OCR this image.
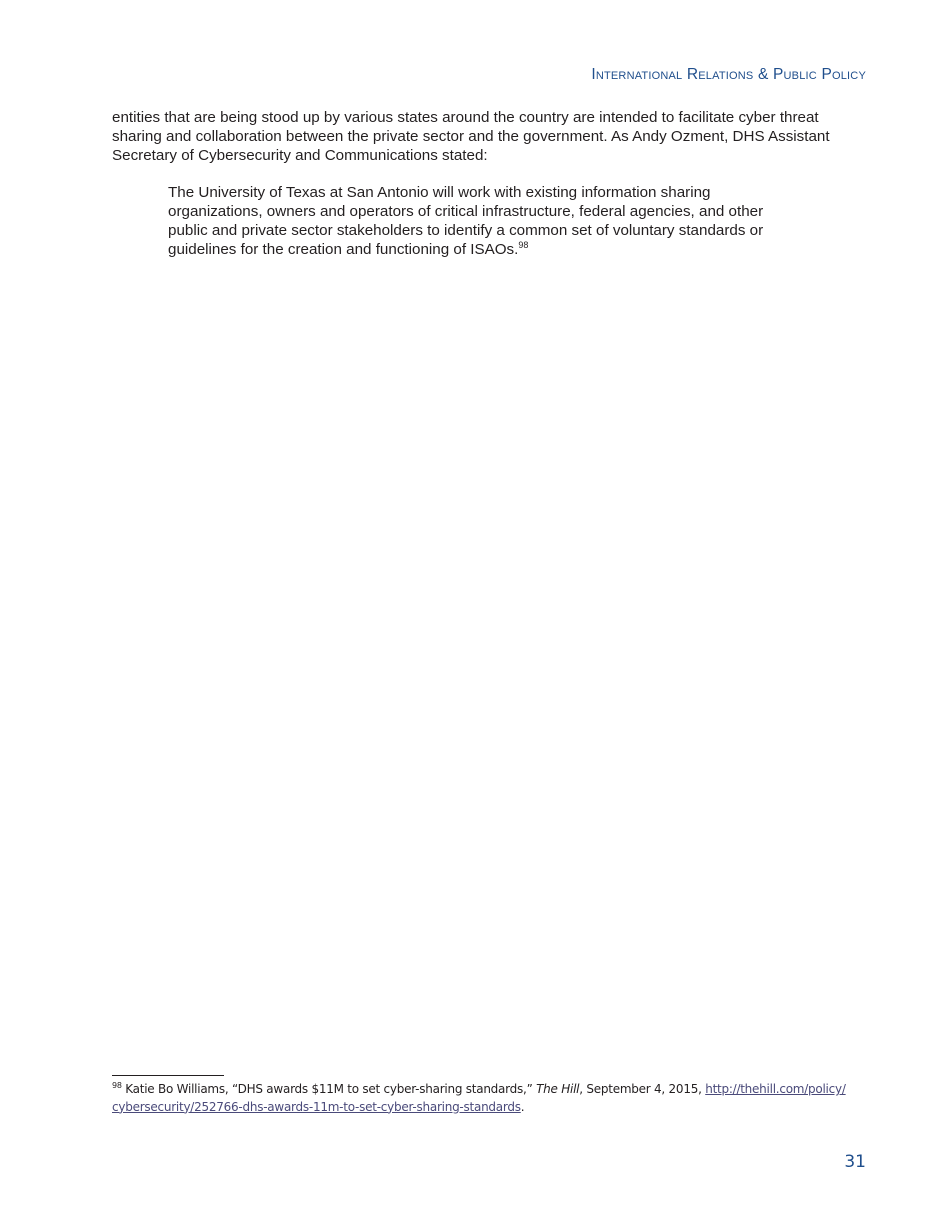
International Relations & Public Policy

entities that are being stood up by various states around the country are intended to facilitate cyber threat sharing and collaboration between the private sector and the government. As Andy Ozment, DHS Assistant Secretary of Cybersecurity and Communications stated:

The University of Texas at San Antonio will work with existing information sharing organizations, owners and operators of critical infrastructure, federal agencies, and other public and private sector stakeholders to identify a common set of voluntary standards or guidelines for the creation and functioning of ISAOs.$^{98}$

$^{98}$ Katie Bo Williams, “DHS awards $11M to set cyber-sharing standards,” The Hill, September 4, 2015, http://thehill.com/policy/
cybersecurity/252766-dhs-awards-11m-to-set-cyber-sharing-standards.

31
